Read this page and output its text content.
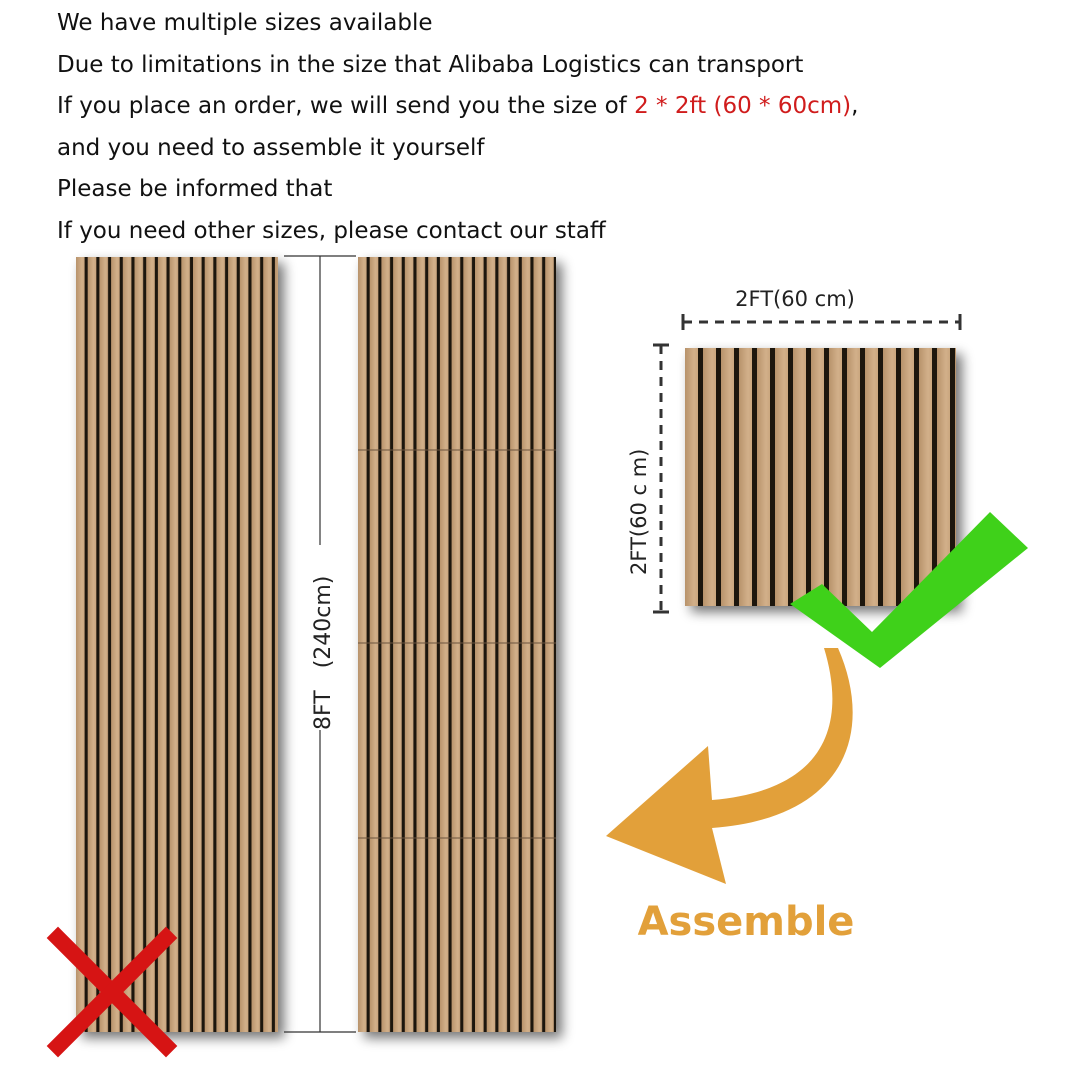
We have multiple sizes available
Due to limitations in the size that Alibaba Logistics can transport
If you place an order, we will send you the size of 2 * 2ft (60 * 60cm),
and you need to assemble it yourself
Please be informed that
If you need other sizes, please contact our staff
8FT　(240cm)
2FT(60 cm)
2FT(60 c m)
Assemble
